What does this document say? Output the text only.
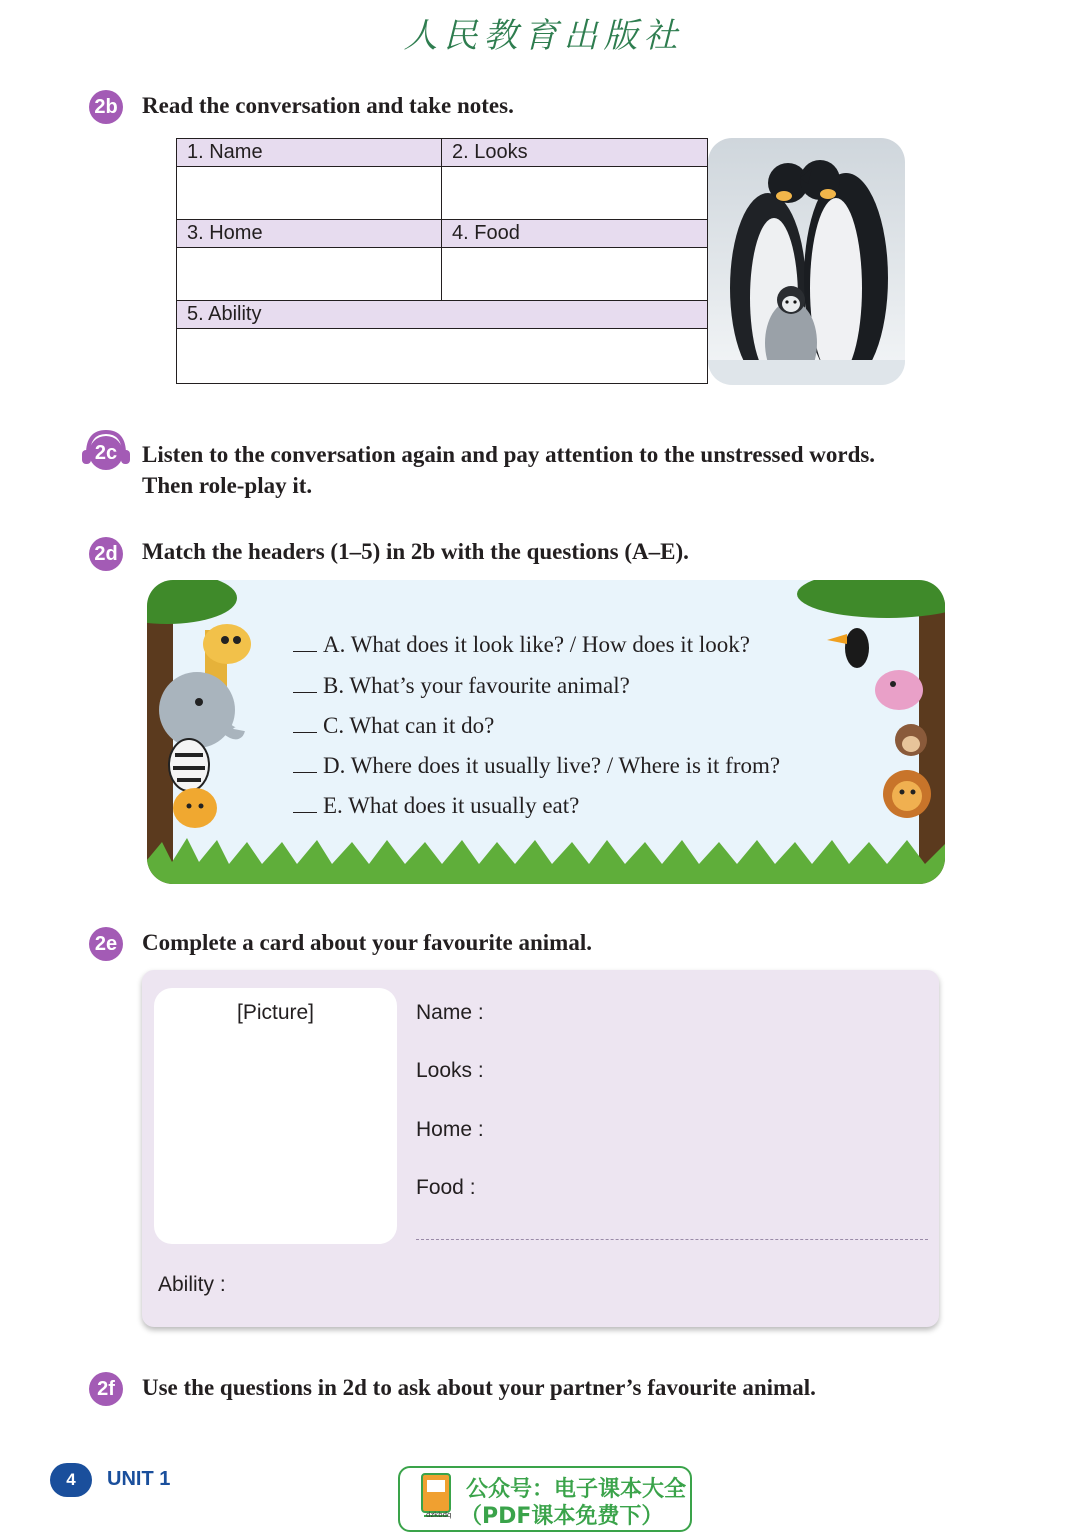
人民教育出版社
2b Read the conversation and take notes.
1. Name	2. Looks

3. Home	4. Food

5. Ability	

2c Listen to the conversation again and pay attention to the unstressed words.
Then role-play it.
2d Match the headers (1–5) in 2b with the questions (A–E).
A. What does it look like? / How does it look?
B. What’s your favourite animal?
C. What can it do?
D. Where does it usually live? / Where is it from?
E. What does it usually eat?
2e Complete a card about your favourite animal.
[Picture]	Name :
Looks :
Home :
Food :
Ability :
2f	Use the questions in 2d to ask about your partner’s favourite animal.
4	UNIT 1
dzkbdq
公众号：电子课本大全
（PDF课本免费下）
